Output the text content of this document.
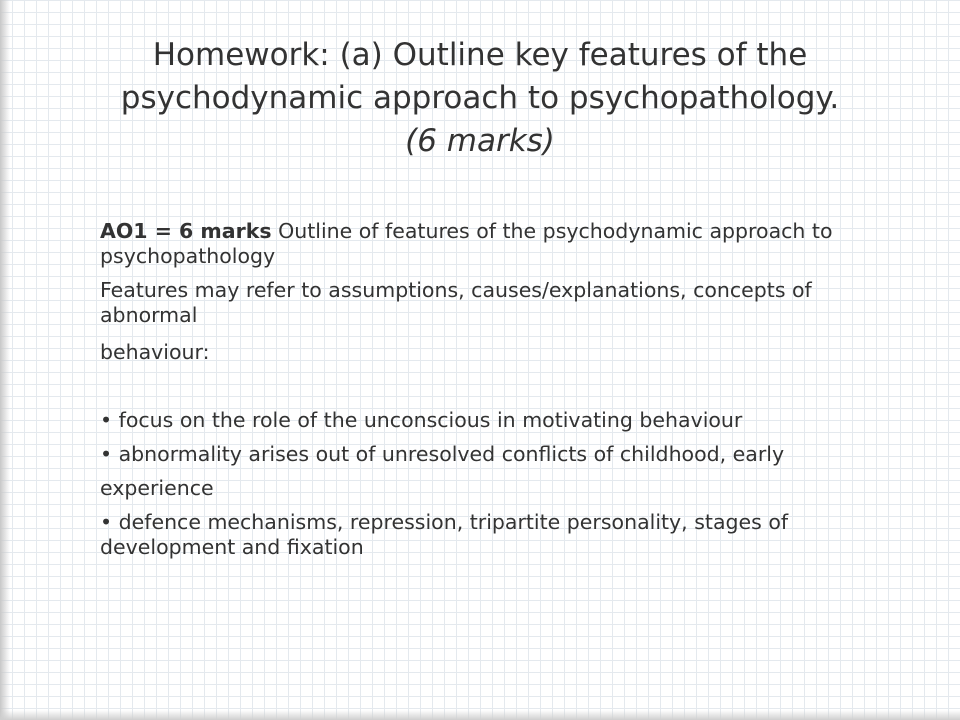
Homework: (a) Outline key features of the
psychodynamic approach to psychopathology.
(6 marks)

AO1 = 6 marks Outline of features of the psychodynamic approach to psychopathology

Features may refer to assumptions, causes/explanations, concepts of abnormal

behaviour:

• focus on the role of the unconscious in motivating behaviour

• abnormality arises out of unresolved conflicts of childhood, early

experience

• defence mechanisms, repression, tripartite personality, stages of development and fixation
